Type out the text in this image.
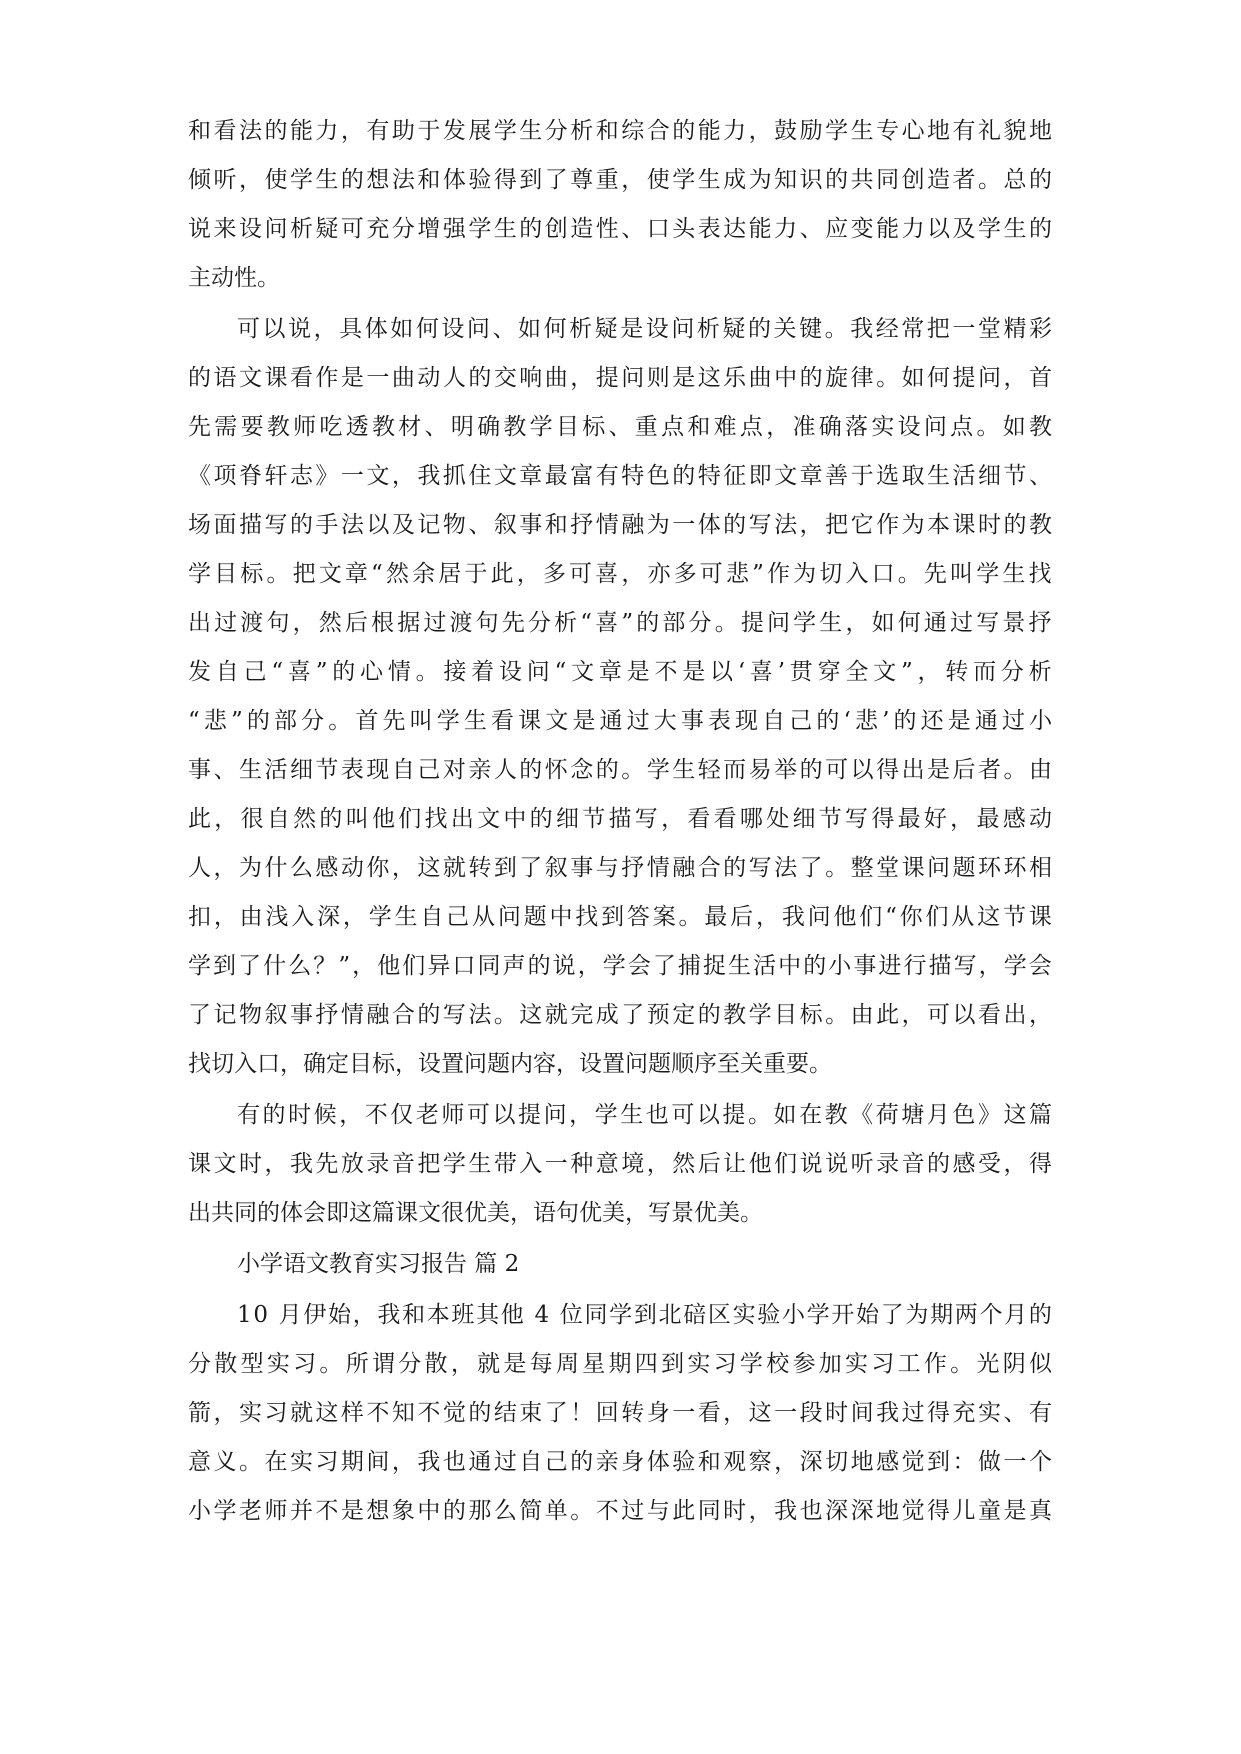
和看法的能力，有助于发展学生分析和综合的能力，鼓励学生专心地有礼貌地
倾听，使学生的想法和体验得到了尊重，使学生成为知识的共同创造者。总的
说来设问析疑可充分增强学生的创造性、口头表达能力、应变能力以及学生的
主动性。
可以说，具体如何设问、如何析疑是设问析疑的关键。我经常把一堂精彩
的语文课看作是一曲动人的交响曲，提问则是这乐曲中的旋律。如何提问，首
先需要教师吃透教材、明确教学目标、重点和难点，准确落实设问点。如教
《项脊轩志》一文，我抓住文章最富有特色的特征即文章善于选取生活细节、
场面描写的手法以及记物、叙事和抒情融为一体的写法，把它作为本课时的教
学目标。把文章“然余居于此，多可喜，亦多可悲”作为切入口。先叫学生找
出过渡句，然后根据过渡句先分析“喜”的部分。提问学生，如何通过写景抒
发自己“喜”的心情。接着设问“文章是不是以‘喜’贯穿全文”，转而分析
“悲”的部分。首先叫学生看课文是通过大事表现自己的‘悲’的还是通过小
事、生活细节表现自己对亲人的怀念的。学生轻而易举的可以得出是后者。由
此，很自然的叫他们找出文中的细节描写，看看哪处细节写得最好，最感动
人，为什么感动你，这就转到了叙事与抒情融合的写法了。整堂课问题环环相
扣，由浅入深，学生自己从问题中找到答案。最后，我问他们“你们从这节课
学到了什么？”，他们异口同声的说，学会了捕捉生活中的小事进行描写，学会
了记物叙事抒情融合的写法。这就完成了预定的教学目标。由此，可以看出，
找切入口，确定目标，设置问题内容，设置问题顺序至关重要。
有的时候，不仅老师可以提问，学生也可以提。如在教《荷塘月色》这篇
课文时，我先放录音把学生带入一种意境，然后让他们说说听录音的感受，得
出共同的体会即这篇课文很优美，语句优美，写景优美。
小学语文教育实习报告 篇 2
10 月伊始，我和本班其他 4 位同学到北碚区实验小学开始了为期两个月的
分散型实习。所谓分散，就是每周星期四到实习学校参加实习工作。光阴似
箭，实习就这样不知不觉的结束了！回转身一看，这一段时间我过得充实、有
意义。在实习期间，我也通过自己的亲身体验和观察，深切地感觉到：做一个
小学老师并不是想象中的那么简单。不过与此同时，我也深深地觉得儿童是真
